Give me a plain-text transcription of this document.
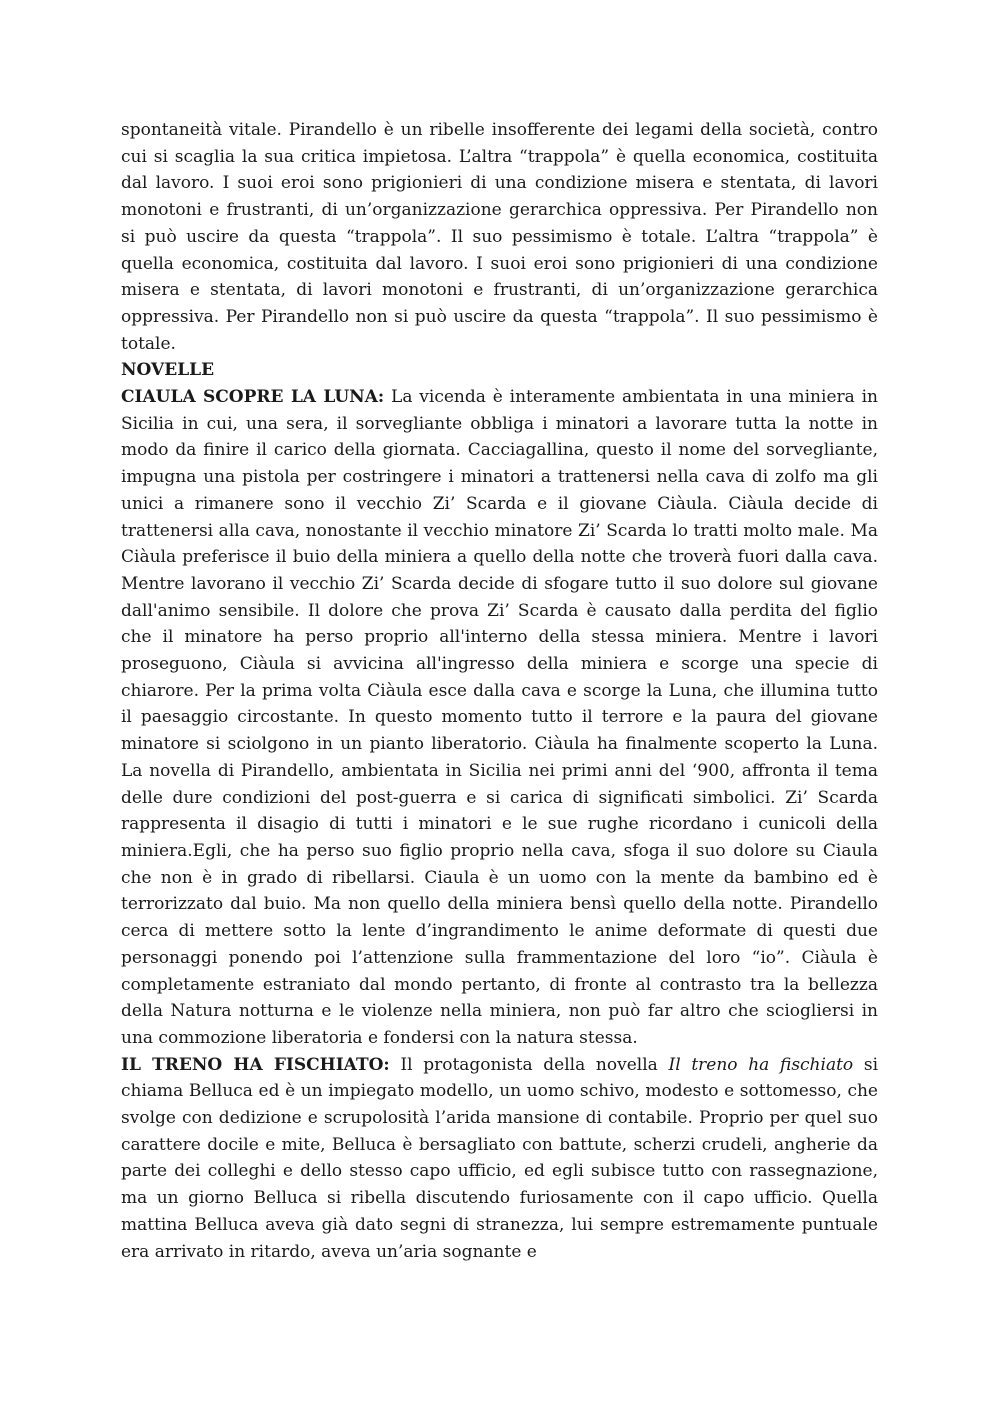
spontaneità vitale. Pirandello è un ribelle insofferente dei legami della società, contro cui si scaglia la sua critica impietosa. L’altra “trappola” è quella economica, costituita dal lavoro. I suoi eroi sono prigionieri di una condizione misera e stentata, di lavori monotoni e frustranti, di un’organizzazione gerarchica oppressiva. Per Pirandello non si può uscire da questa “trappola”. Il suo pessimismo è totale. L’altra “trappola” è quella economica, costituita dal lavoro. I suoi eroi sono prigionieri di una condizione misera e stentata, di lavori monotoni e frustranti, di un’organizzazione gerarchica oppressiva. Per Pirandello non si può uscire da questa “trappola”. Il suo pessimismo è totale.

NOVELLE

CIAULA SCOPRE LA LUNA: La vicenda è interamente ambientata in una miniera in Sicilia in cui, una sera, il sorvegliante obbliga i minatori a lavorare tutta la notte in modo da finire il carico della giornata. Cacciagallina, questo il nome del sorvegliante, impugna una pistola per costringere i minatori a trattenersi nella cava di zolfo ma gli unici a rimanere sono il vecchio Zi’ Scarda e il giovane Ciàula. Ciàula decide di trattenersi alla cava, nonostante il vecchio minatore Zi’ Scarda lo tratti molto male. Ma Ciàula preferisce il buio della miniera a quello della notte che troverà fuori dalla cava. Mentre lavorano il vecchio Zi’ Scarda decide di sfogare tutto il suo dolore sul giovane dall'animo sensibile. Il dolore che prova Zi’ Scarda è causato dalla perdita del figlio che il minatore ha perso proprio all'interno della stessa miniera. Mentre i lavori proseguono, Ciàula si avvicina all'ingresso della miniera e scorge una specie di chiarore. Per la prima volta Ciàula esce dalla cava e scorge la Luna, che illumina tutto il paesaggio circostante. In questo momento tutto il terrore e la paura del giovane minatore si sciolgono in un pianto liberatorio. Ciàula ha finalmente scoperto la Luna. La novella di Pirandello, ambientata in Sicilia nei primi anni del ‘900, affronta il tema delle dure condizioni del post-guerra e si carica di significati simbolici. Zi’ Scarda rappresenta il disagio di tutti i minatori e le sue rughe ricordano i cunicoli della miniera.Egli, che ha perso suo figlio proprio nella cava, sfoga il suo dolore su Ciaula che non è in grado di ribellarsi. Ciaula è un uomo con la mente da bambino ed è terrorizzato dal buio. Ma non quello della miniera bensì quello della notte. Pirandello cerca di mettere sotto la lente d’ingrandimento le anime deformate di questi due personaggi ponendo poi l’attenzione sulla frammentazione del loro “io”. Ciàula è completamente estraniato dal mondo pertanto, di fronte al contrasto tra la bellezza della Natura notturna e le violenze nella miniera, non può far altro che sciogliersi in una commozione liberatoria e fondersi con la natura stessa.

IL TRENO HA FISCHIATO: Il protagonista della novella Il treno ha fischiato si chiama Belluca ed è un impiegato modello, un uomo schivo, modesto e sottomesso, che svolge con dedizione e scrupolosità l’arida mansione di contabile. Proprio per quel suo carattere docile e mite, Belluca è bersagliato con battute, scherzi crudeli, angherie da parte dei colleghi e dello stesso capo ufficio, ed egli subisce tutto con rassegnazione, ma un giorno Belluca si ribella discutendo furiosamente con il capo ufficio. Quella mattina Belluca aveva già dato segni di stranezza, lui sempre estremamente puntuale era arrivato in ritardo, aveva un’aria sognante e
